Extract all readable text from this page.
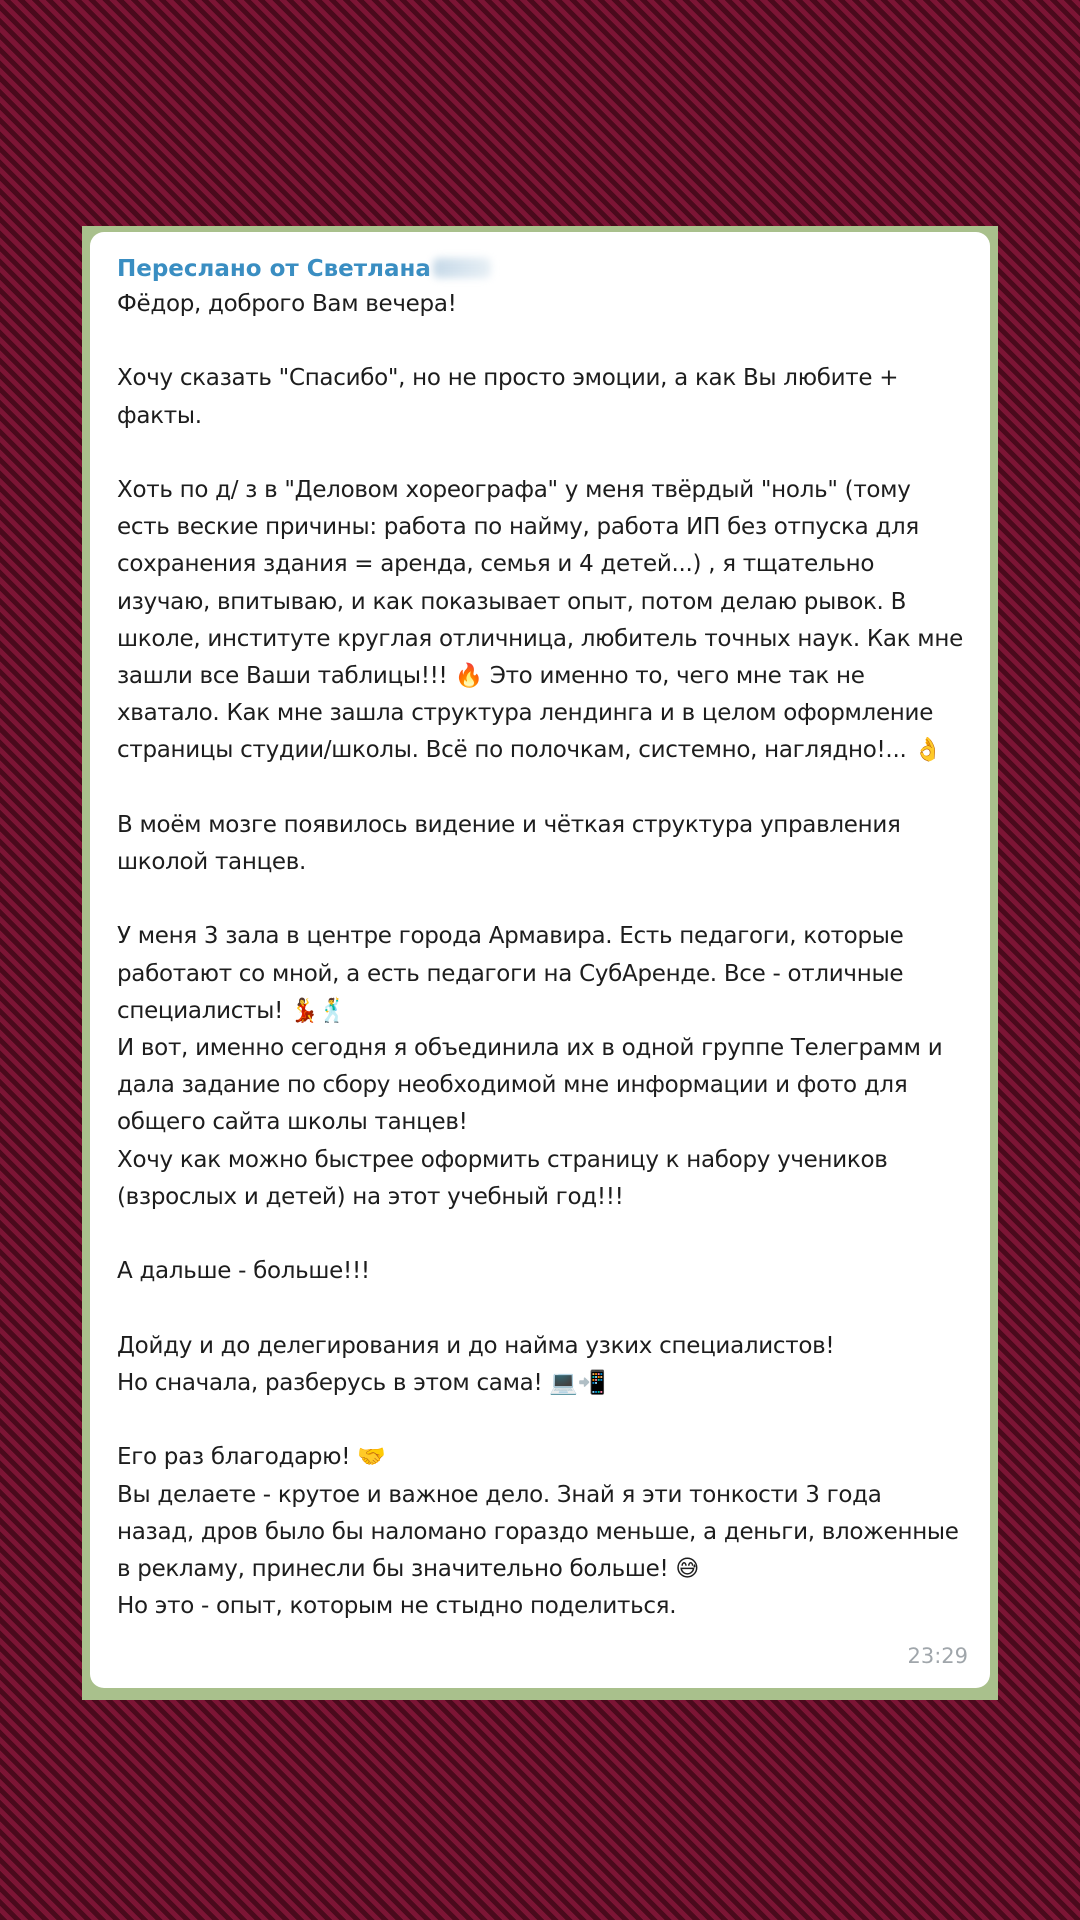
Переслано от Светлана
Фёдор, доброго Вам вечера!

Хочу сказать "Спасибо", но не просто эмоции, а как Вы любите + факты.

Хоть по д/ з в "Деловом хореографа" у меня твёрдый "ноль" (тому есть веские причины: работа по найму, работа ИП без отпуска для сохранения здания = аренда, семья и 4 детей...) , я тщательно изучаю, впитываю, и как показывает опыт, потом делаю рывок. В школе, институте круглая отличница, любитель точных наук. Как мне зашли все Ваши таблицы!!! 🔥 Это именно то, чего мне так не хватало. Как мне зашла структура лендинга и в целом оформление страницы студии/школы. Всё по полочкам, системно, наглядно!... 👌

В моём мозге появилось видение и чёткая структура управления школой танцев.

У меня 3 зала в центре города Армавира. Есть педагоги, которые работают со мной, а есть педагоги на СубАренде. Все - отличные специалисты! 💃🕺
И вот, именно сегодня я объединила их в одной группе Телеграмм и дала задание по сбору необходимой мне информации и фото для общего сайта школы танцев!
Хочу как можно быстрее оформить страницу к набору учеников (взрослых и детей) на этот учебный год!!!

А дальше - больше!!!

Дойду и до делегирования и до найма узких специалистов!
Но сначала, разберусь в этом сама! 💻📲

Его раз благодарю! 🤝
Вы делаете - крутое и важное дело. Знай я эти тонкости 3 года назад, дров было бы наломано гораздо меньше, а деньги, вложенные в рекламу, принесли бы значительно больше! 😅
Но это - опыт, которым не стыдно поделиться.
23:29
